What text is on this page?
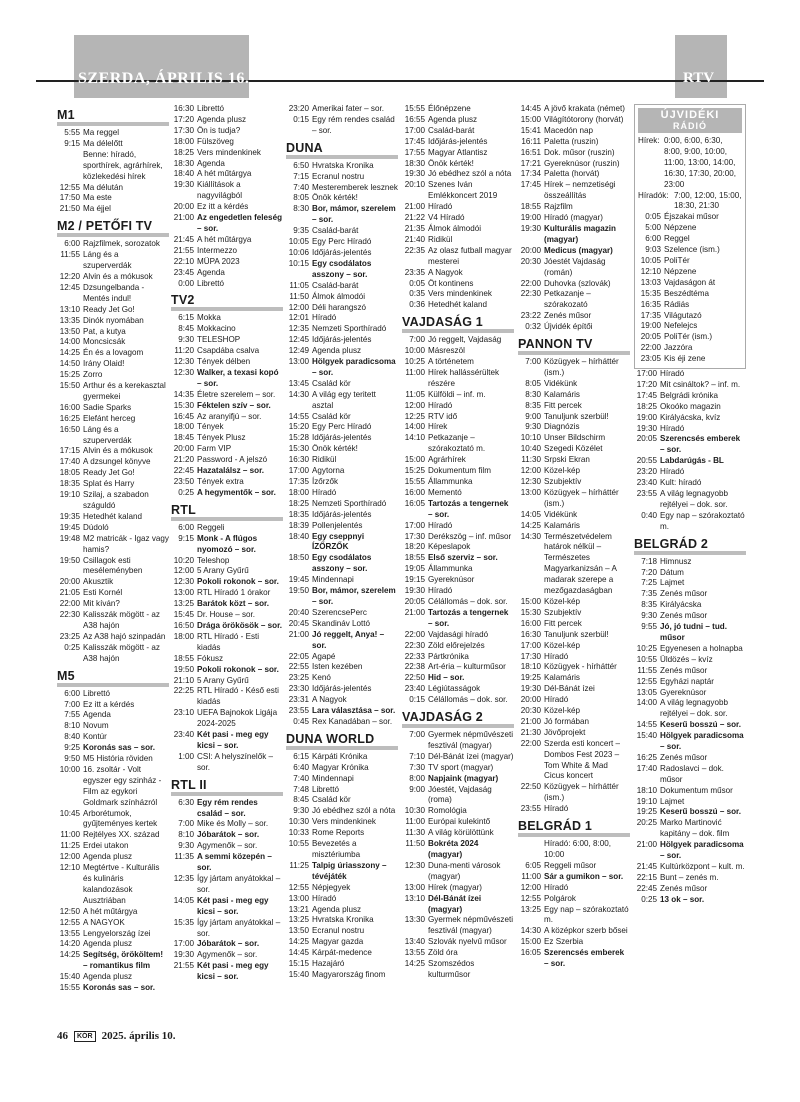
SZERDA, ÁPRILIS 16.	RTV
M1
5:55 Ma reggel
9:15 Ma délelőtt
Benne: híradó, sporthírek, agrárhírek, közlekedési hírek
12:55 Ma délután
17:50 Ma este
21:50 Ma éjjel
M2 / PETŐFI TV
6:00 Rajzfilmek, sorozatok
11:55 Láng és a szuperverdák
12:20 Alvin és a mókusok
12:45 Dzsungelbanda - Mentés indul!
13:10 Ready Jet Go!
13:35 Dinók nyomában
13:50 Pat, a kutya
14:00 Moncsicsák
14:25 Én és a lovagom
14:50 Irány Olaid!
15:25 Zorro
15:50 Arthur és a kerekasztal gyermekei
16:00 Sadie Sparks
16:25 Elefánt herceg
16:50 Láng és a szuperverdák
17:15 Alvin és a mókusok
17:40 A dzsungel könyve
18:05 Ready Jet Go!
18:35 Splat és Harry
19:10 Szilaj, a szabadon száguldó
19:35 Hetedhét kaland
19:45 Dúdoló
19:48 M2 matricák - Igaz vagy hamis?
19:50 Csillagok esti meséleményben
20:00 Akusztik
21:05 Esti Kornél
22:00 Mit kíván?
22:30 Kalisszák mögött - az A38 hajón
23:25 Az A38 hajó szinpadán
0:25 Kalisszák mögött - az A38 hajón
M5
6:00 Librettó
7:00 Ez itt a kérdés
7:55 Agenda
8:10 Novum
8:40 Kontúr
9:25 Koronás sas – sor.
9:50 M5 História röviden
10:00 16. zsoltár - Volt egyszer egy szinház - Film az egykori Goldmark színházról
10:45 Arborétumok, gyűjteményes kertek
11:00 Rejtélyes XX. század
11:25 Erdei utakon
12:00 Agenda plusz
12:10 Megtértve - Kulturális és kulináris kalandozások Ausztriában
12:50 A hét műtárgya
12:55 A NAGYOK
13:55 Lengyelország ízei
14:20 Agenda plusz
14:25 Segítség, örököltem! – romantikus film
15:40 Agenda plusz
15:55 Koronás sas – sor.
16:30 Librettó
17:20 Agenda plusz
17:30 Ön is tudja?
18:00 Fülszöveg
18:25 Vers mindenkinek
18:30 Agenda
18:40 A hét műtárgya
19:30 Kiállítások a nagyvilágból
20:00 Ez itt a kérdés
21:00 Az engedetlen feleség – sor.
21:45 A hét műtárgya
21:55 Intermezzo
22:10 MÜPA 2023
23:45 Agenda
0:00 Librettó
TV2
6:15 Mokka
8:45 Mokkacino
9:30 TELESHOP
11:20 Csapdába csalva
12:30 Tények délben
12:30 Walker, a texasi kopó – sor.
14:35 Életre szerelem – sor.
15:30 Féktelen szív – sor.
16:45 Az aranyifjú – sor.
18:00 Tények
18:45 Tények Plusz
20:00 Farm VIP
21:20 Password - A jelszó
22:45 Hazatalálsz – sor.
23:50 Tények extra
0:25 A hegymentők – sor.
RTL
6:00 Reggeli
9:15 Monk - A flúgos nyomozó – sor.
10:20 Teleshop
12:00 5 Arany Gyűrű
12:30 Pokoli rokonok – sor.
13:00 RTL Híradó 1 órakor
13:25 Barátok közt – sor.
15:45 Dr. House – sor.
16:50 Drága örökösök – sor.
18:00 RTL Híradó - Esti kiadás
18:55 Fókusz
19:50 Pokoli rokonok – sor.
21:10 5 Arany Gyűrű
22:25 RTL Híradó - Késő esti kiadás
23:10 UEFA Bajnokok Ligája 2024-2025
23:40 Két pasi - meg egy kicsi – sor.
1:00 CSI: A helyszínelők – sor.
RTL II
6:30 Egy rém rendes család – sor.
7:00 Mike és Molly – sor.
8:10 Jóbarátok – sor.
9:30 Agymenők – sor.
11:35 A semmi közepén – sor.
12:35 Így jártam anyátokkal – sor.
14:05 Két pasi - meg egy kicsi – sor.
15:35 Így jártam anyátokkal – sor.
17:00 Jóbarátok – sor.
19:30 Agymenők – sor.
21:55 Két pasi - meg egy kicsi – sor.
23:20 Amerikai fater – sor.
0:15 Egy rém rendes család – sor.
DUNA
6:50 Hvratska Kronika
7:15 Ecranul nostru
7:40 Mesteremberek lesznek
8:05 Önök kérték!
8:30 Bor, mámor, szerelem – sor.
9:35 Család-barát
10:05 Egy Perc Híradó
10:06 Időjárás-jelentés
10:15 Egy csodálatos asszony – sor.
11:05 Család-barát
11:50 Álmok álmodói
12:00 Déli harangszó
12:01 Híradó
12:35 Nemzeti Sporthíradó
12:45 Időjárás-jelentés
12:49 Agenda plusz
13:00 Hölgyek paradicsoma – sor.
13:45 Család kör
14:30 A világ egy teritett asztal
14:55 Család kör
15:20 Egy Perc Híradó
15:28 Időjárás-jelentés
15:30 Önök kérték!
16:30 Ridikül
17:00 Agytorna
17:35 Ízőrzők
18:00 Híradó
18:25 Nemzeti Sporthíradó
18:35 Időjárás-jelentés
18:39 Pollenjelentés
18:40 Egy cseppnyi ÍZŐRZŐK
18:50 Egy csodálatos asszony – sor.
19:45 Mindennapi
19:50 Bor, mámor, szerelem – sor.
20:40 SzerencsePerc
20:45 Skandináv Lottó
21:00 Jó reggelt, Anya! – sor.
22:05 Agapé
22:55 Isten kezében
23:25 Kenó
23:30 Időjárás-jelentés
23:31 A Nagyok
23:55 Lara választása – sor.
0:45 Rex Kanadában – sor.
DUNA WORLD
6:15 Kárpáti Krónika
6:40 Magyar Krónika
7:40 Mindennapi
7:48 Librettó
8:45 Család kör
9:30 Jó ebédhez szól a nóta
10:30 Vers mindenkinek
10:33 Rome Reports
10:55 Bevezetés a misztériumba
11:25 Talpig úriasszony – tévéjáték
12:55 Népjegyek
13:00 Híradó
13:21 Agenda plusz
13:25 Hvratska Kronika
13:50 Ecranul nostru
14:25 Magyar gazda
14:45 Kárpát-medence
15:15 Hazajáró
15:40 Magyarország finom
15:55 Élőnépzene
16:55 Agenda plusz
17:00 Család-barát
17:45 Időjárás-jelentés
17:55 Magyar Atlantisz
18:30 Önök kérték!
19:30 Jó ebédhez szól a nóta
20:10 Szenes Iván Emlékkoncert 2019
21:00 Híradó
21:22 V4 Híradó
21:35 Álmok álmodói
21:40 Ridikül
22:35 Az olasz futball magyar mesterei
23:35 A Nagyok
0:05 Öt kontinens
0:35 Vers mindenkinek
0:36 Hetedhét kaland
VAJDASÁG 1
7:00 Jó reggelt, Vajdaság
10:00 Másreszöl
10:25 A történetem
11:00 Hírek hallássérültek részére
11:05 Külföldi – inf. m.
12:00 Híradó
12:25 RTV idő
14:00 Hírek
14:10 Petkazanje – szórakoztató m.
15:00 Agrárhírek
15:25 Dokumentum film
15:55 Állammunka
16:00 Mementó
16:05 Tartozás a tengernek – sor.
17:00 Híradó
17:30 Derékszög – inf. műsor
18:20 Képeslapok
18:55 Első szerviz – sor.
19:05 Állammunka
19:15 Gyereknúsor
19:30 Híradó
20:05 Célállomás – dok. sor.
21:00 Tartozás a tengernek – sor.
22:00 Vajdasági híradó
22:30 Zöld előrejelzés
22:33 Pártkrónika
22:38 Art-éria – kulturműsor
22:50 Hid – sor.
23:40 Légiútasságok
0:15 Célállomás – dok. sor.
VAJDASÁG 2
7:00 Gyermek népművészeti fesztivál (magyar)
7:10 Dél-Bánát ízei (magyar)
7:30 TV sport (magyar)
8:00 Napjaink (magyar)
9:00 Jóestét, Vajdaság (roma)
10:30 Romológia
11:00 Európai kulekintő
11:30 A világ körülöttünk
11:50 Bokréta 2024 (magyar)
12:30 Duna-menti városok (magyar)
13:00 Hírek (magyar)
13:10 Dél-Bánát ízei (magyar)
13:30 Gyermek népművészeti fesztivál (magyar)
13:40 Szlovák nyelvű műsor
13:55 Zöld óra
14:25 Szomszédos kulturműsor
14:45 A jövő krakata (német)
15:00 Világítótorony (horvát)
15:41 Macedón nap
16:11 Paletta (ruszin)
16:51 Dok. műsor (ruszin)
17:21 Gyereknúsor (ruszin)
17:34 Paletta (horvát)
17:45 Hírek – nemzetiségi összeállítás
18:55 Rajzfilm
19:00 Híradó (magyar)
19:30 Kulturális magazin (magyar)
20:00 Medicus (magyar)
20:30 Jóestét Vajdaság (román)
22:00 Duhovka (szlovák)
22:30 Petkazanje – szórakozató
23:22 Zenés műsor
0:32 Újvidék építői
PANNON TV
7:00 Közügyek – hírháttér (ism.)
8:05 Vidékünk
8:30 Kalamáris
8:35 Fitt percek
9:00 Tanuljunk szerbül!
9:30 Diagnózis
10:10 Unser Bildschirm
10:40 Szegedi Közélet
11:30 Srpski Ekran
12:00 Közel-kép
12:30 Szubjektív
13:00 Közügyek – hírháttér (ism.)
14:05 Vidékünk
14:25 Kalamáris
14:30 Természetvédelem határok nélkül – Természetes Magyarkanizsán – A madarak szerepe a mezőgazdaságban
15:00 Közel-kép
15:30 Szubjektív
16:00 Fitt percek
16:30 Tanuljunk szerbül!
17:00 Közel-kép
17:30 Híradó
18:10 Közügyek - hírháttér
19:25 Kalamáris
19:30 Dél-Bánát ízei
20:00 Híradó
20:30 Közel-kép
21:00 Jó formában
21:30 Jövőprojekt
22:00 Szerda esti koncert – Dombos Fest 2023 – Tom White & Mad Cicus koncert
22:50 Közügyek – hírháttér (ism.)
23:55 Híradó
BELGRÁD 1
Híradó: 6:00, 8:00, 10:00
6:05 Reggeli műsor
11:00 Sár a gumikon – sor.
12:00 Híradó
12:55 Polgárok
13:25 Egy nap – szórakoztató m.
14:30 A középkor szerb bősei
15:00 Ez Szerbia
16:05 Szerencsés emberek – sor.
ÚJVIDÉKI
RÁDIÓ
Hírek: 0:00, 6:00, 6:30, 8:00, 9:00, 10:00, 11:00, 13:00, 14:00, 16:30, 17:30, 20:00, 23:00
Híradók: 7:00, 12:00, 15:00, 18:30, 21:30
0:05 Éjszakai műsor
5:00 Népzene
6:00 Reggel
9:03 Szelence (ism.)
10:05 PoliTér
12:10 Népzene
13:03 Vajdaságon át
15:35 Beszédtéma
16:35 Rádiás
17:35 Világutazó
19:00 Nefelejcs
20:05 PoliTér (ism.)
22:00 Jazzóra
23:05 Kis éji zene
17:00 Híradó
17:20 Mit csináltok? – inf. m.
17:45 Belgrádi krónika
18:25 Okoóko magazin
19:00 Királyácska, kvíz
19:30 Híradó
20:05 Szerencsés emberek – sor.
20:55 Labdarúgás - BL
23:20 Híradó
23:40 Kult: híradó
23:55 A világ legnagyobb rejtélyei – dok. sor.
0:40 Egy nap – szórakoztató m.
BELGRÁD 2
7:18 Himnusz
7:20 Dátum
7:25 Lajmet
7:35 Zenés műsor
8:35 Királyácska
9:30 Zenés műsor
9:55 Jó, jó tudni – tud. műsor
10:25 Egyenesen a holnapba
10:55 Üldözés – kvíz
11:55 Zenés műsor
12:55 Egyházi naptár
13:05 Gyereknúsor
14:00 A világ legnagyobb rejtélyei – dok. sor.
14:55 Keserű bosszú – sor.
15:40 Hölgyek paradicsoma – sor.
16:25 Zenés műsor
17:40 Radoslavci – dok. műsor
18:10 Dokumentum műsor
19:10 Lajmet
19:25 Keserű bosszú – sor.
20:25 Marko Martinović kapitány – dok. film
21:00 Hölgyek paradicsoma – sor.
21:45 Kultúrközpont – kult. m.
22:15 Bunt – zenés m.
22:45 Zenés műsor
0:25 13 ok – sor.
46	KÓR 2025. április 10.
